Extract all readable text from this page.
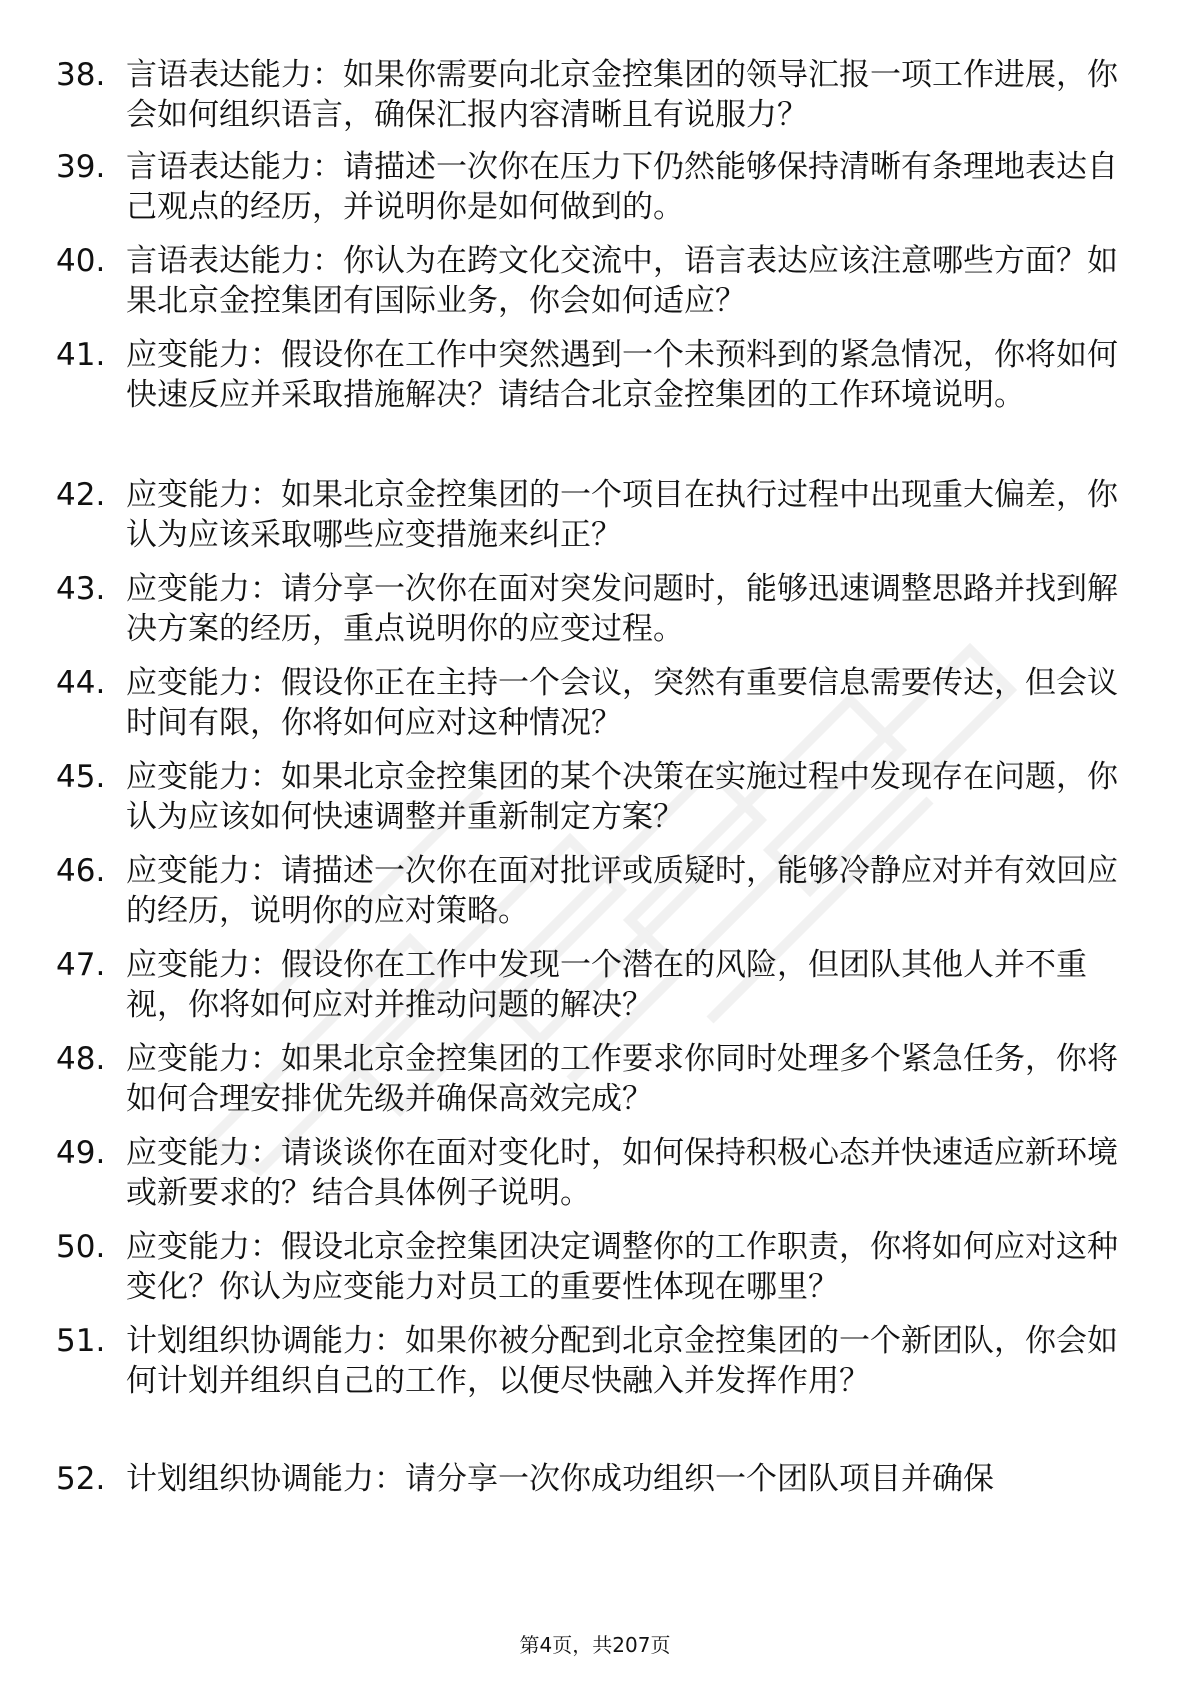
38. 言语表达能力：如果你需要向北京金控集团的领导汇报一项工作进展，你会如何组织语言，确保汇报内容清晰且有说服力？
39. 言语表达能力：请描述一次你在压力下仍然能够保持清晰有条理地表达自己观点的经历，并说明你是如何做到的。
40. 言语表达能力：你认为在跨文化交流中，语言表达应该注意哪些方面？如果北京金控集团有国际业务，你会如何适应？
41. 应变能力：假设你在工作中突然遇到一个未预料到的紧急情况，你将如何快速反应并采取措施解决？请结合北京金控集团的工作环境说明。
42. 应变能力：如果北京金控集团的一个项目在执行过程中出现重大偏差，你认为应该采取哪些应变措施来纠正？
43. 应变能力：请分享一次你在面对突发问题时，能够迅速调整思路并找到解决方案的经历，重点说明你的应变过程。
44. 应变能力：假设你正在主持一个会议，突然有重要信息需要传达，但会议时间有限，你将如何应对这种情况？
45. 应变能力：如果北京金控集团的某个决策在实施过程中发现存在问题，你认为应该如何快速调整并重新制定方案？
46. 应变能力：请描述一次你在面对批评或质疑时，能够冷静应对并有效回应的经历，说明你的应对策略。
47. 应变能力：假设你在工作中发现一个潜在的风险，但团队其他人并不重视，你将如何应对并推动问题的解决？
48. 应变能力：如果北京金控集团的工作要求你同时处理多个紧急任务，你将如何合理安排优先级并确保高效完成？
49. 应变能力：请谈谈你在面对变化时，如何保持积极心态并快速适应新环境或新要求的？结合具体例子说明。
50. 应变能力：假设北京金控集团决定调整你的工作职责，你将如何应对这种变化？你认为应变能力对员工的重要性体现在哪里？
51. 计划组织协调能力：如果你被分配到北京金控集团的一个新团队，你会如何计划并组织自己的工作，以便尽快融入并发挥作用？
52. 计划组织协调能力：请分享一次你成功组织一个团队项目并确保
第4页，共207页
